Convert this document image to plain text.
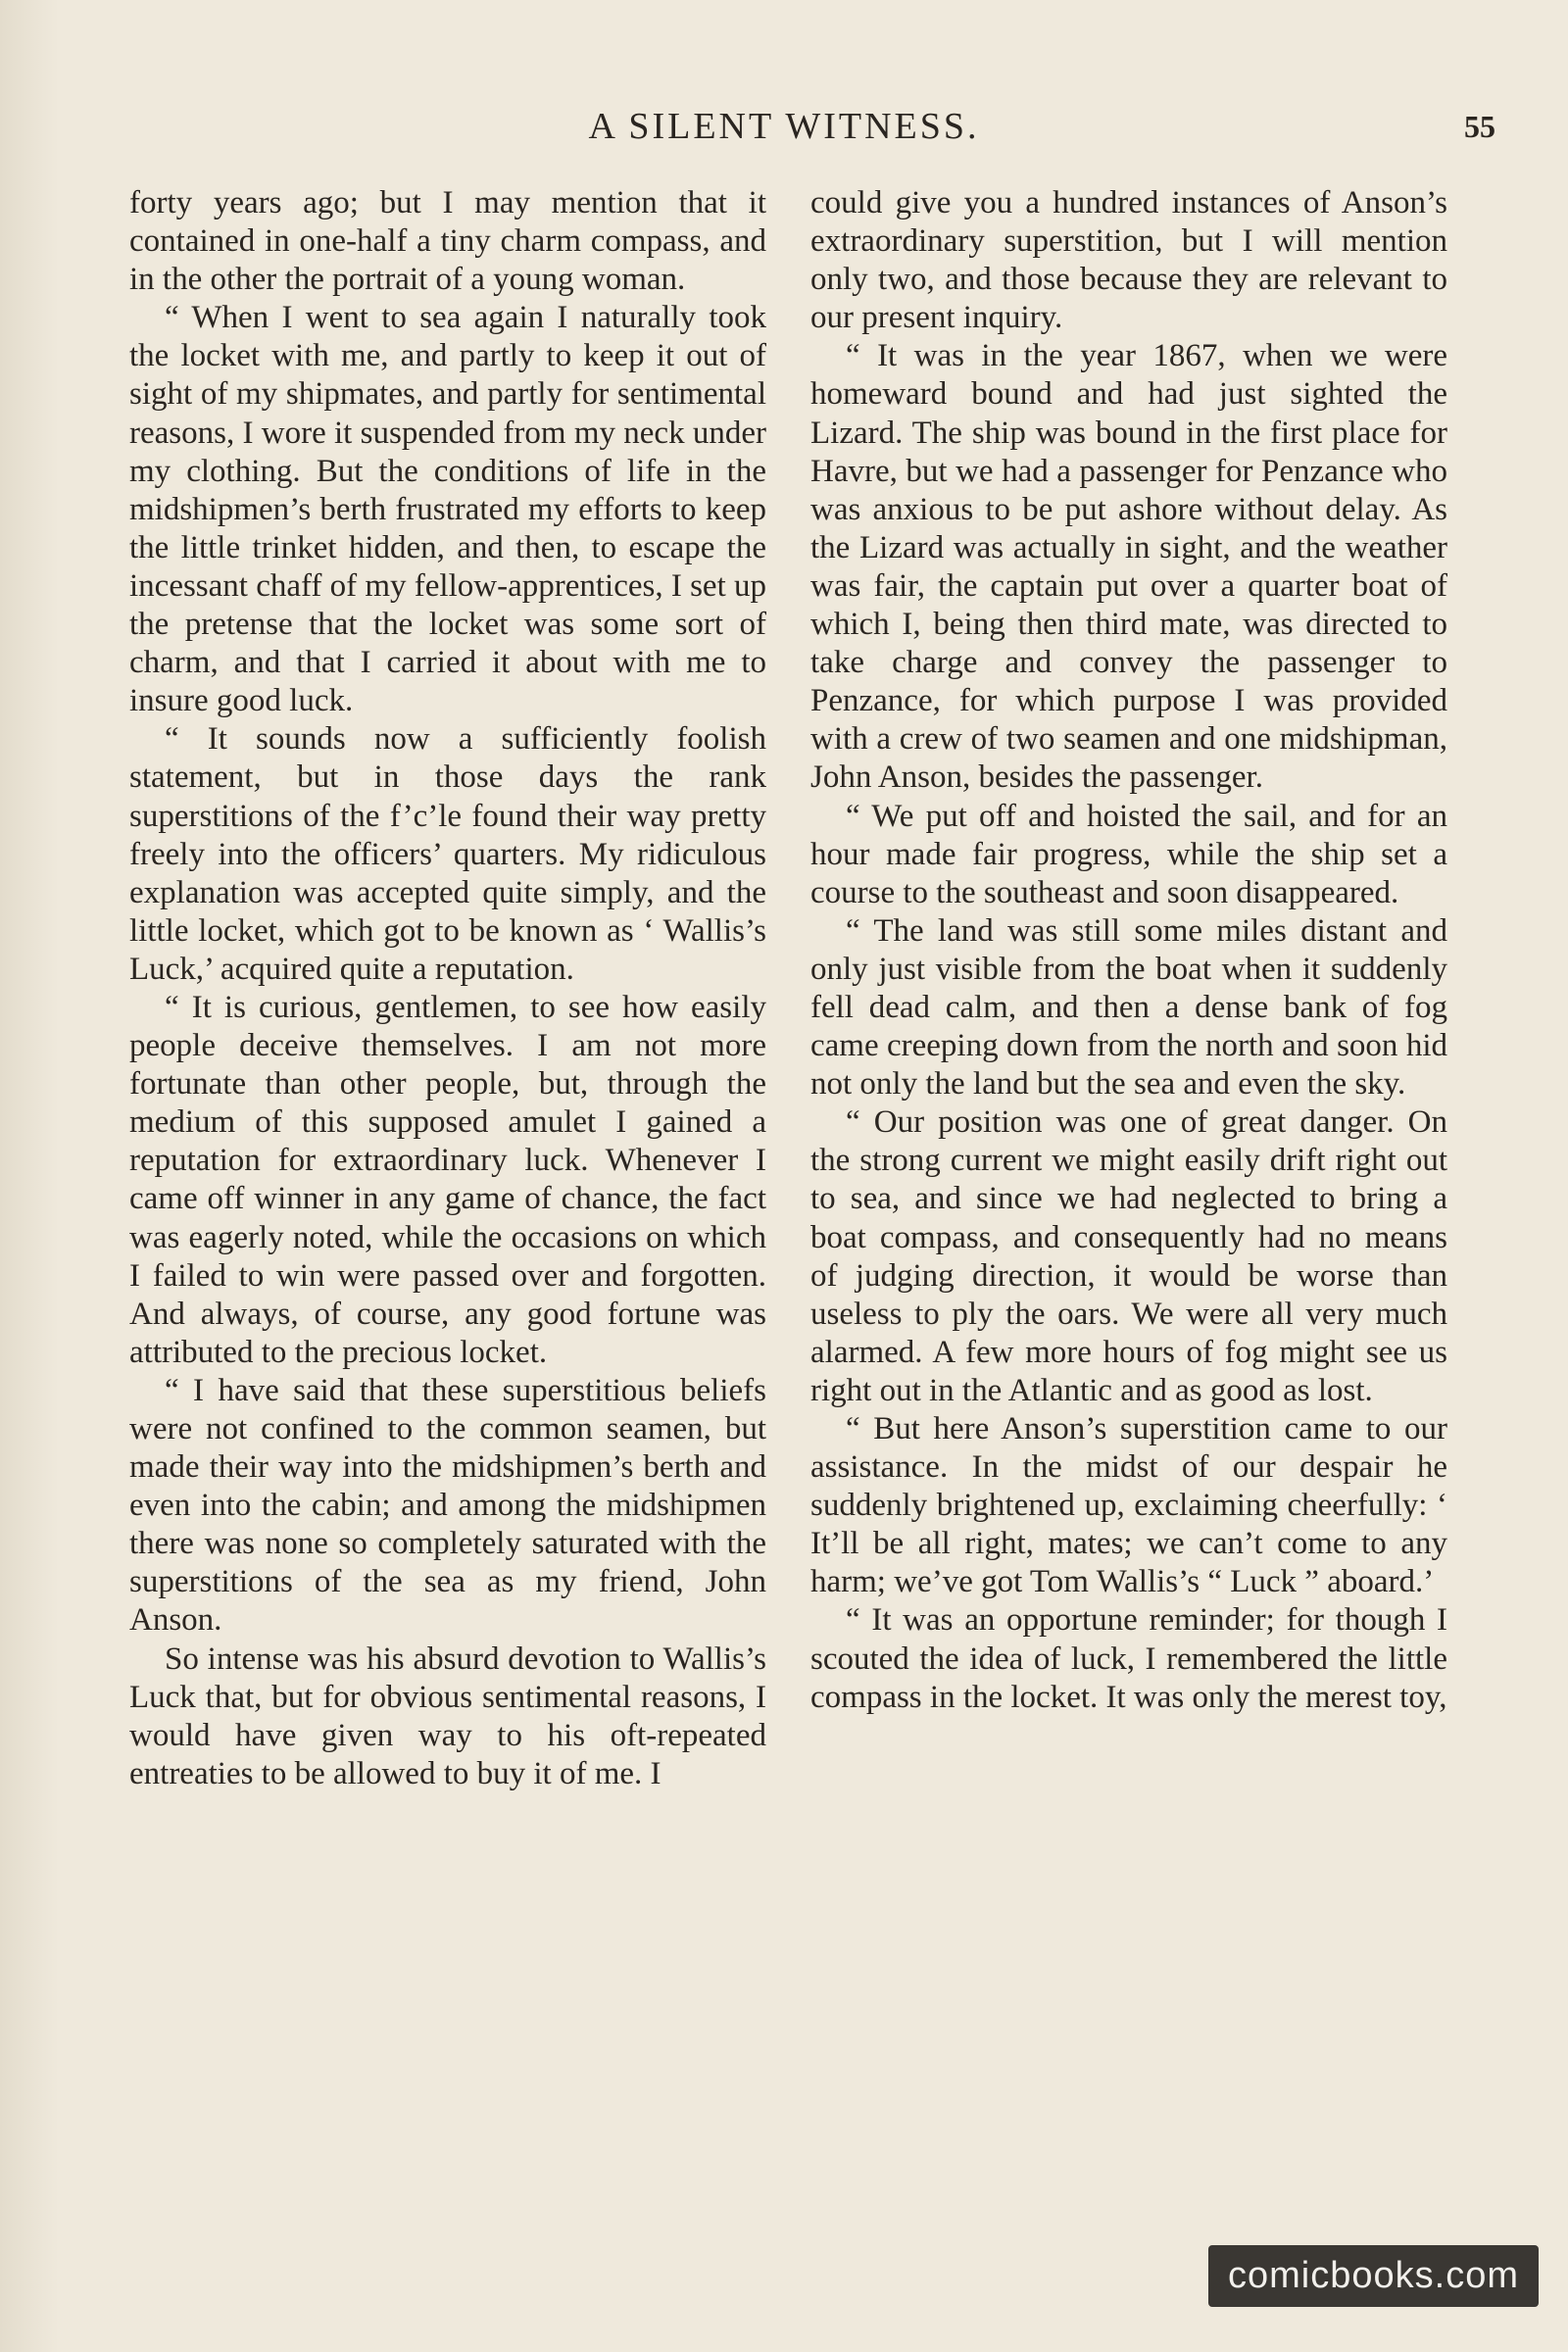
A SILENT WITNESS.	55

forty years ago; but I may mention that it contained in one-half a tiny charm compass, and in the other the portrait of a young woman.

“ When I went to sea again I naturally took the locket with me, and partly to keep it out of sight of my shipmates, and partly for sentimental reasons, I wore it suspended from my neck under my clothing. But the conditions of life in the midshipmen’s berth frustrated my efforts to keep the little trinket hidden, and then, to escape the incessant chaff of my fellow-apprentices, I set up the pretense that the locket was some sort of charm, and that I carried it about with me to insure good luck.

“ It sounds now a sufficiently foolish statement, but in those days the rank superstitions of the f’c’le found their way pretty freely into the officers’ quarters. My ridiculous explanation was accepted quite simply, and the little locket, which got to be known as ‘ Wallis’s Luck,’ acquired quite a reputation.

“ It is curious, gentlemen, to see how easily people deceive themselves. I am not more fortunate than other people, but, through the medium of this supposed amulet I gained a reputation for extraordinary luck. Whenever I came off winner in any game of chance, the fact was eagerly noted, while the occasions on which I failed to win were passed over and forgotten. And always, of course, any good fortune was attributed to the precious locket.

“ I have said that these superstitious beliefs were not confined to the common seamen, but made their way into the midshipmen’s berth and even into the cabin; and among the midshipmen there was none so completely saturated with the superstitions of the sea as my friend, John Anson.

So intense was his absurd devotion to Wallis’s Luck that, but for obvious sentimental reasons, I would have given way to his oft-repeated entreaties to be allowed to buy it of me. I

could give you a hundred instances of Anson’s extraordinary superstition, but I will mention only two, and those because they are relevant to our present inquiry.

“ It was in the year 1867, when we were homeward bound and had just sighted the Lizard. The ship was bound in the first place for Havre, but we had a passenger for Penzance who was anxious to be put ashore without delay. As the Lizard was actually in sight, and the weather was fair, the captain put over a quarter boat of which I, being then third mate, was directed to take charge and convey the passenger to Penzance, for which purpose I was provided with a crew of two seamen and one midshipman, John Anson, besides the passenger.

“ We put off and hoisted the sail, and for an hour made fair progress, while the ship set a course to the southeast and soon disappeared.

“ The land was still some miles distant and only just visible from the boat when it suddenly fell dead calm, and then a dense bank of fog came creeping down from the north and soon hid not only the land but the sea and even the sky.

“ Our position was one of great danger. On the strong current we might easily drift right out to sea, and since we had neglected to bring a boat compass, and consequently had no means of judging direction, it would be worse than useless to ply the oars. We were all very much alarmed. A few more hours of fog might see us right out in the Atlantic and as good as lost.

“ But here Anson’s superstition came to our assistance. In the midst of our despair he suddenly brightened up, exclaiming cheerfully: ‘ It’ll be all right, mates; we can’t come to any harm; we’ve got Tom Wallis’s “ Luck ” aboard.’

“ It was an opportune reminder; for though I scouted the idea of luck, I remembered the little compass in the locket. It was only the merest toy,

comicbooks.com
